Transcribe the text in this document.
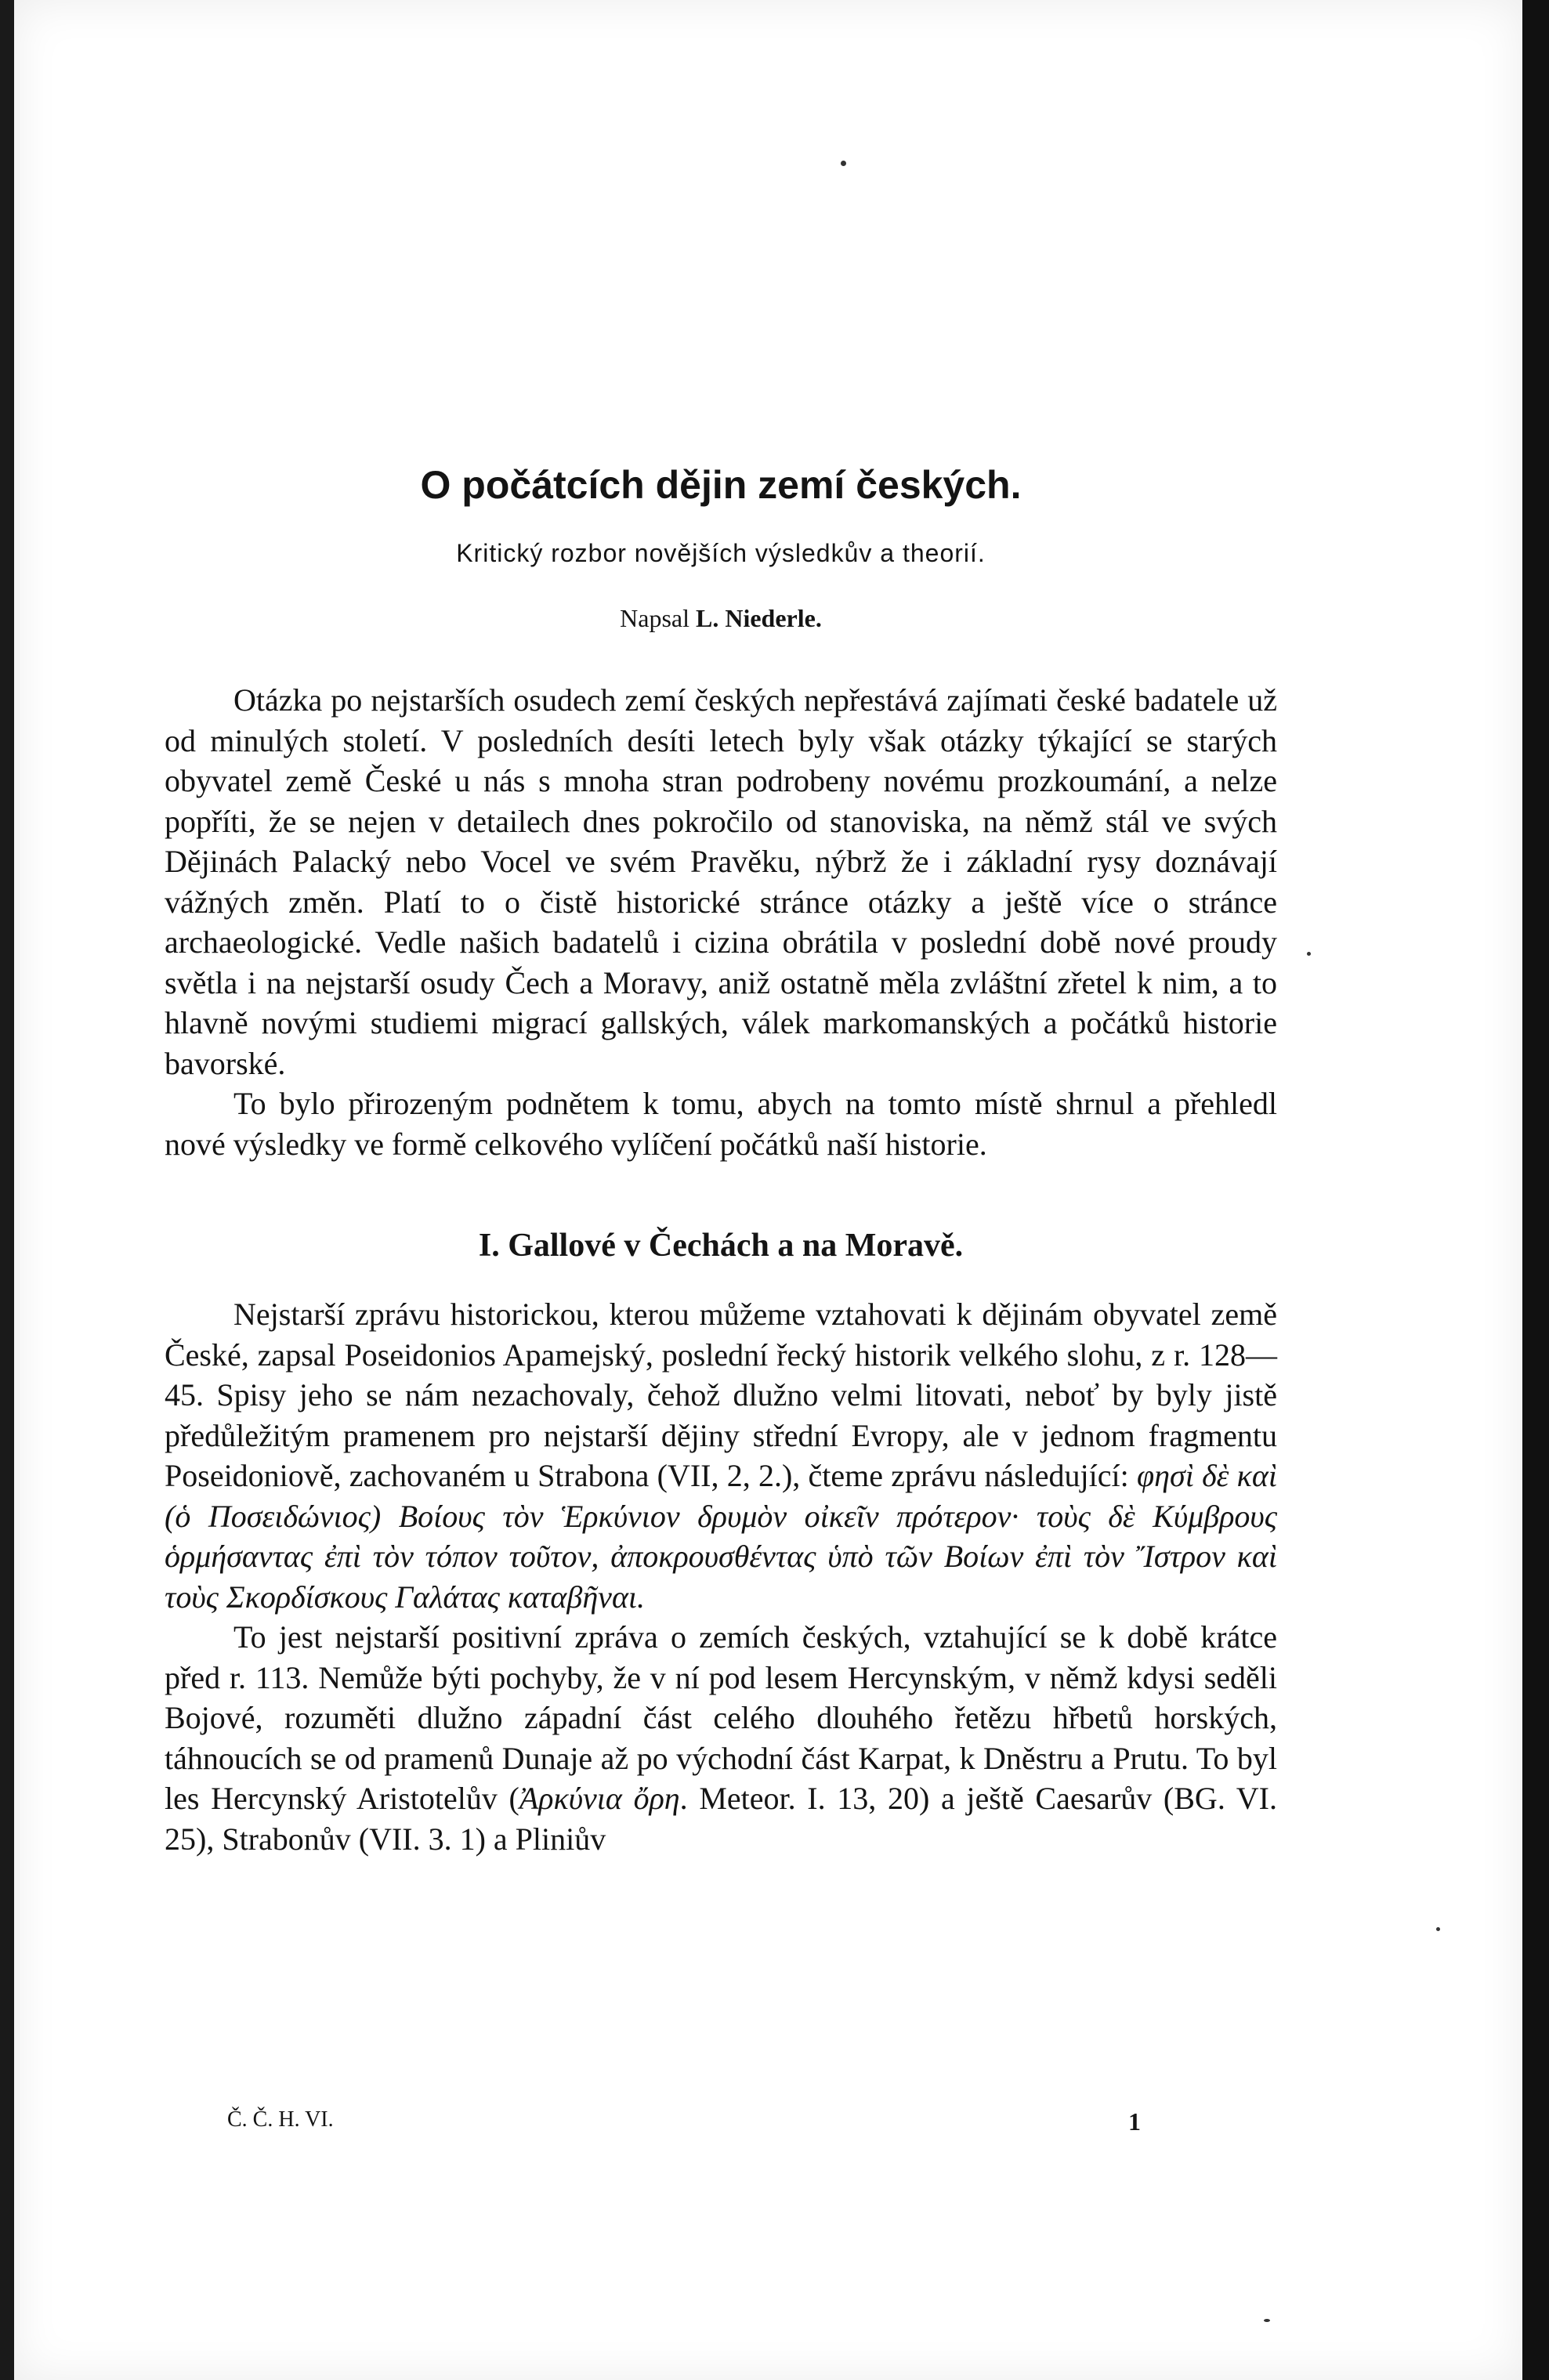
O počátcích dějin zemí českých.
Kritický rozbor novějších výsledkův a theorií.
Napsal L. Niederle.

Otázka po nejstarších osudech zemí českých nepřestává zajímati české badatele už od minulých století. V posledních desíti letech byly však otázky týkající se starých obyvatel země České u nás s mnoha stran podrobeny novému prozkoumání, a nelze popříti, že se nejen v detailech dnes pokročilo od stanoviska, na němž stál ve svých Dějinách Palacký nebo Vocel ve svém Pravěku, nýbrž že i základní rysy doznávají vážných změn. Platí to o čistě historické stránce otázky a ještě více o stránce archaeologické. Vedle našich badatelů i cizina obrátila v poslední době nové proudy světla i na nejstarší osudy Čech a Moravy, aniž ostatně měla zvláštní zřetel k nim, a to hlavně novými studiemi migrací gallských, válek markomanských a počátků historie bavorské.

To bylo přirozeným podnětem k tomu, abych na tomto místě shrnul a přehledl nové výsledky ve formě celkového vylíčení počátků naší historie.

I. Gallové v Čechách a na Moravě.

Nejstarší zprávu historickou, kterou můžeme vztahovati k dějinám obyvatel země České, zapsal Poseidonios Apamejský, poslední řecký historik velkého slohu, z r. 128—45. Spisy jeho se nám nezachovaly, čehož dlužno velmi litovati, neboť by byly jistě předůležitým pramenem pro nejstarší dějiny střední Evropy, ale v jednom fragmentu Poseidoniově, zachovaném u Strabona (VII, 2, 2.), čteme zprávu následující: φησὶ δὲ καὶ (ὁ Ποσειδώνιος) Βοίους τὸν Ἑρκύνιον δρυμὸν οἰκεῖν πρότερον· τοὺς δὲ Κύμβρους ὁρμήσαντας ἐπὶ τὸν τόπον τοῦτον, ἀποκρουσθέντας ὑπὸ τῶν Βοίων ἐπὶ τὸν Ἴστρον καὶ τοὺς Σκορδίσκους Γαλάτας καταβῆναι.

To jest nejstarší positivní zpráva o zemích českých, vztahující se k době krátce před r. 113. Nemůže býti pochyby, že v ní pod lesem Hercynským, v němž kdysi seděli Bojové, rozuměti dlužno západní část celého dlouhého řetězu hřbetů horských, táhnoucích se od pramenů Dunaje až po východní část Karpat, k Dněstru a Prutu. To byl les Hercynský Aristotelův (Ἀρκύνια ὄρη. Meteor. I. 13, 20) a ještě Caesarův (BG. VI. 25), Strabonův (VII. 3. 1) a Pliniův

Č. Č. H. VI.	1
